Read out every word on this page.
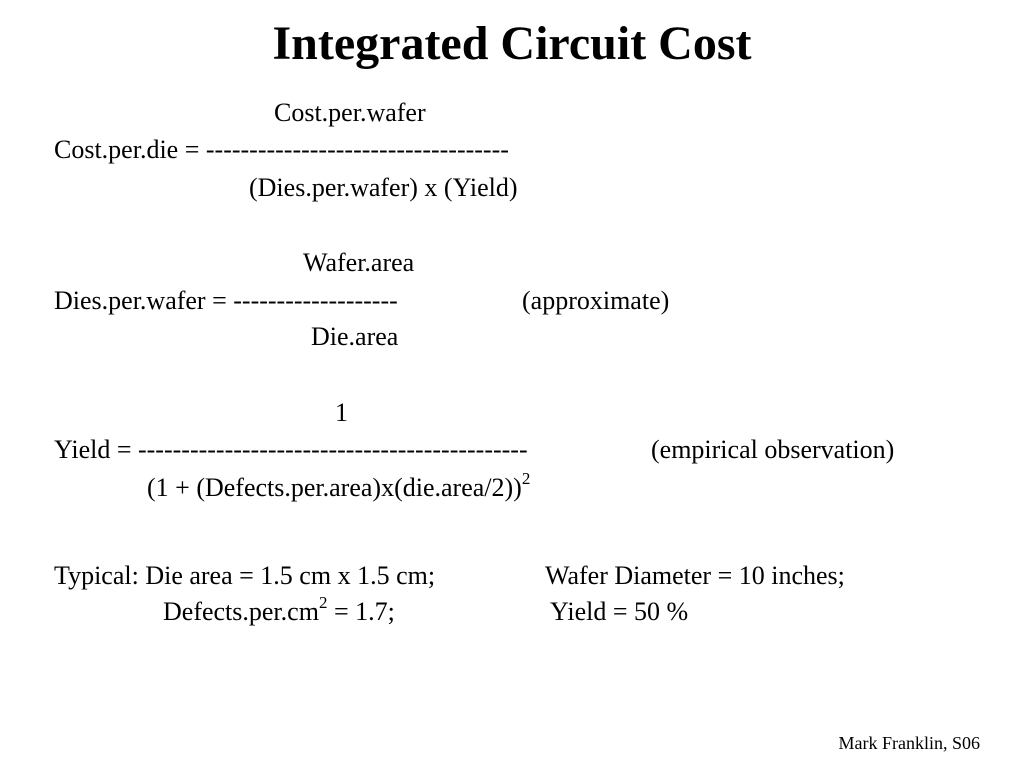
Integrated Circuit Cost
Cost.per.wafer
Cost.per.die = -----------------------------------
(Dies.per.wafer) x (Yield)
Wafer.area
Dies.per.wafer = -------------------	(approximate)
Die.area
1
Yield = ---------------------------------------------	(empirical observation)
(1 + (Defects.per.area)x(die.area/2))$^2$
Typical: Die area = 1.5 cm x 1.5 cm;	Wafer Diameter = 10 inches;
$Defects.per.cm^2 = 1.7$;	Yield = 50 %
Mark Franklin, S06
